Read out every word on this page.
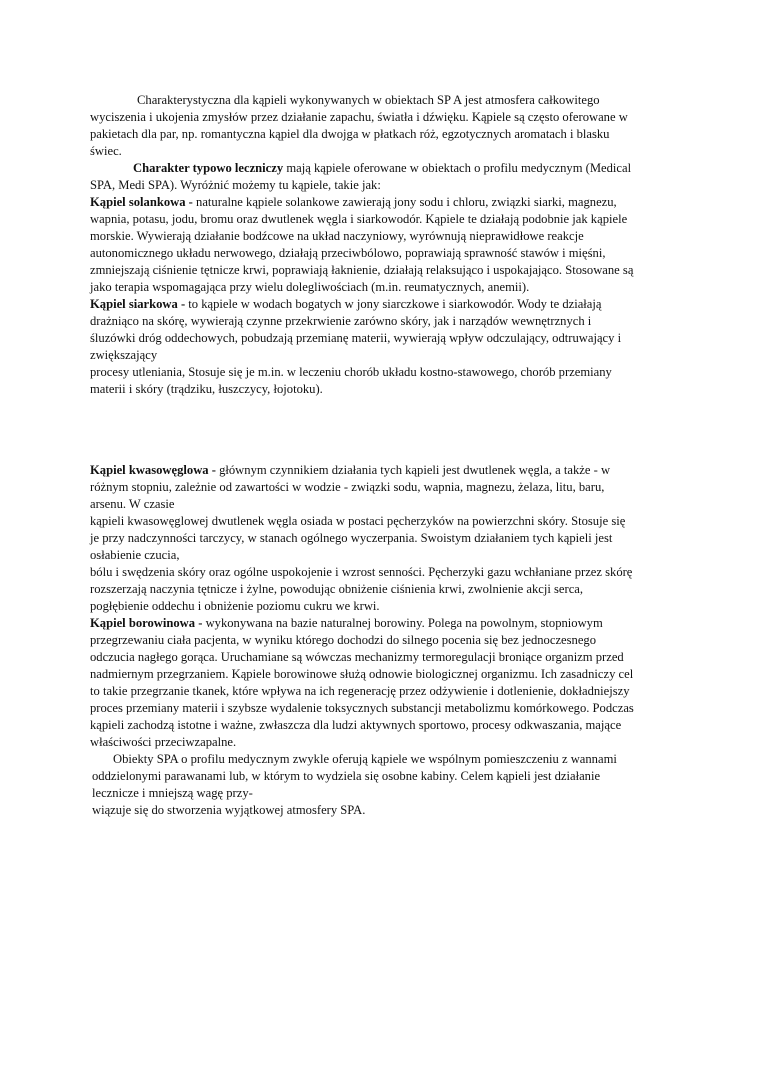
Charakterystyczna dla kąpieli wykonywanych w obiektach SP A jest atmosfera całkowitego
wyciszenia i ukojenia zmysłów przez działanie zapachu, światła i dźwięku. Kąpiele są często oferowane w
pakietach dla par, np. romantyczna kąpiel dla dwojga w płatkach róż, egzotycznych aromatach i blasku
świec.
Charakter typowo leczniczy mają kąpiele oferowane w obiektach o profilu medycznym (Medical
SPA, Medi SPA). Wyróżnić możemy tu kąpiele, takie jak:
Kąpiel solankowa - naturalne kąpiele solankowe zawierają jony sodu i chloru, związki siarki, magnezu,
wapnia, potasu, jodu, bromu oraz dwutlenek węgla i siarkowodór. Kąpiele te działają podobnie jak kąpiele
morskie. Wywierają działanie bodźcowe na układ naczyniowy, wyrównują nieprawidłowe reakcje
autonomicznego układu nerwowego, działają przeciwbólowo, poprawiają sprawność stawów i mięśni,
zmniejszają ciśnienie tętnicze krwi, poprawiają łaknienie, działają relaksująco i uspokajająco. Stosowane są
jako terapia wspomagająca przy wielu dolegliwościach (m.in. reumatycznych, anemii).
Kąpiel siarkowa - to kąpiele w wodach bogatych w jony siarczkowe i siarkowodór. Wody te działają
drażniąco na skórę, wywierają czynne przekrwienie zarówno skóry, jak i narządów wewnętrznych i
śluzówki dróg oddechowych, pobudzają przemianę materii, wywierają wpływ odczulający, odtruwający i
zwiększający
procesy utleniania, Stosuje się je m.in. w leczeniu chorób układu kostno-stawowego, chorób przemiany
materii i skóry (trądziku, łuszczycy, łojotoku).
Kąpiel kwasowęglowa - głównym czynnikiem działania tych kąpieli jest dwutlenek węgla, a także - w
różnym stopniu, zależnie od zawartości w wodzie - związki sodu, wapnia, magnezu, żelaza, litu, baru,
arsenu. W czasie
kąpieli kwasowęglowej dwutlenek węgla osiada w postaci pęcherzyków na powierzchni skóry. Stosuje się
je przy nadczynności tarczycy, w stanach ogólnego wyczerpania. Swoistym działaniem tych kąpieli jest
osłabienie czucia,
bólu i swędzenia skóry oraz ogólne uspokojenie i wzrost senności. Pęcherzyki gazu wchłaniane przez skórę
rozszerzają naczynia tętnicze i żylne, powodując obniżenie ciśnienia krwi, zwolnienie akcji serca,
pogłębienie oddechu i obniżenie poziomu cukru we krwi.
Kąpiel borowinowa - wykonywana na bazie naturalnej borowiny. Polega na powolnym, stopniowym
przegrzewaniu ciała pacjenta, w wyniku którego dochodzi do silnego pocenia się bez jednoczesnego
odczucia nagłego gorąca. Uruchamiane są wówczas mechanizmy termoregulacji broniące organizm przed
nadmiernym przegrzaniem. Kąpiele borowinowe służą odnowie biologicznej organizmu. Ich zasadniczy cel
to takie przegrzanie tkanek, które wpływa na ich regenerację przez odżywienie i dotlenienie, dokładniejszy
proces przemiany materii i szybsze wydalenie toksycznych substancji metabolizmu komórkowego. Podczas
kąpieli zachodzą istotne i ważne, zwłaszcza dla ludzi aktywnych sportowo, procesy odkwaszania, mające
właściwości przeciwzapalne.
Obiekty SPA o profilu medycznym zwykle oferują kąpiele we wspólnym pomieszczeniu z wannami
oddzielonymi parawanami lub, w którym to wydziela się osobne kabiny. Celem kąpieli jest działanie
lecznicze i mniejszą wagę przy-
wiązuje się do stworzenia wyjątkowej atmosfery SPA.
